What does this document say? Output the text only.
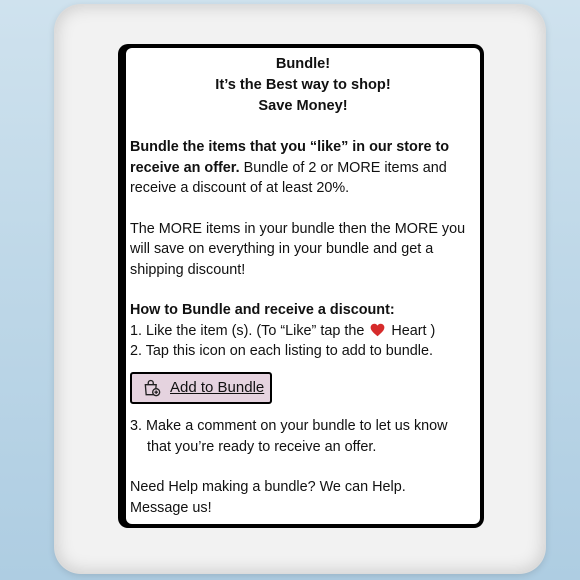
Bundle!
It’s the Best way to shop!
Save Money!

Bundle the items that you “like” in our store to receive an offer. Bundle of 2 or MORE items and receive a discount of at least 20%.

The MORE items in your bundle then the MORE you will save on everything in your bundle and get a shipping discount!

How to Bundle and receive a discount:

1. Like the item (s). (To “Like” tap the Heart )
2. Tap this icon on each listing to add to bundle.
Add to Bundle
3. Make a comment on your bundle to let us know
that you’re ready to receive an offer.

Need Help making a bundle? We can Help.
Message us!
